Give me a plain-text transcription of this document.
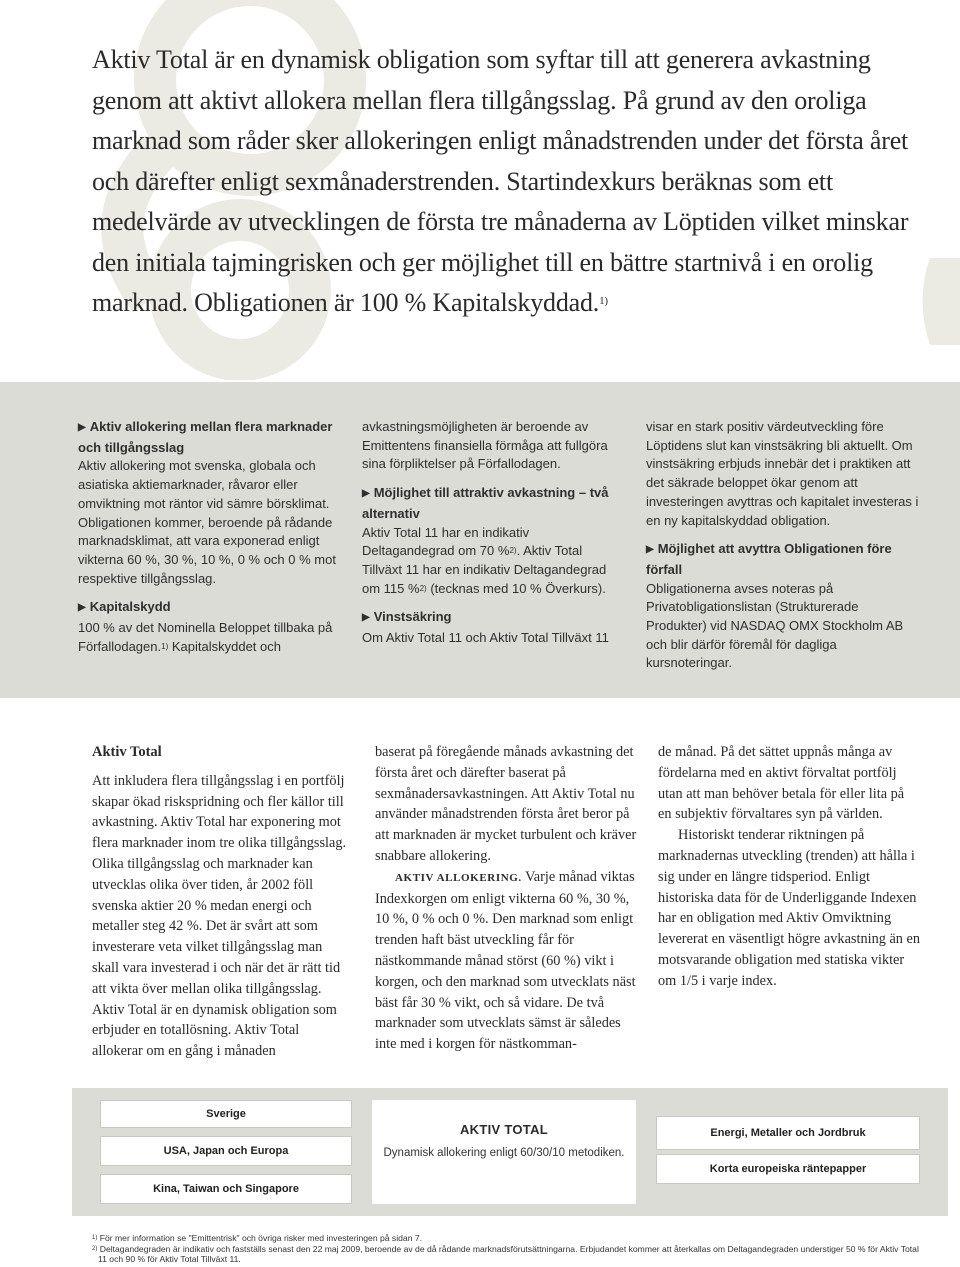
Aktiv Total är en dynamisk obligation som syftar till att generera avkastning genom att aktivt allokera mellan flera tillgångsslag. På grund av den oroliga marknad som råder sker allokeringen enligt månadstrenden under det första året och därefter enligt sexmånaderstrenden. Startindexkurs beräknas som ett medelvärde av utvecklingen de första tre månaderna av Löptiden vilket minskar den initiala tajmingrisken och ger möjlighet till en bättre startnivå i en orolig marknad. Obligationen är 100 % Kapitalskyddad.$^{1)}$

▶ Aktiv allokering mellan flera marknader och tillgångsslag

Aktiv allokering mot svenska, globala och asiatiska aktiemarknader, råvaror eller omviktning mot räntor vid sämre börsklimat. Obligationen kommer, beroende på rådande marknadsklimat, att vara exponerad enligt vikterna 60 %, 30 %, 10 %, 0 % och 0 % mot respektive tillgångsslag.

▶ Kapitalskydd

100 % av det Nominella Beloppet tillbaka på Förfallodagen.$^{1)}$ Kapitalskyddet och

avkastningsmöjligheten är beroende av Emittentens finansiella förmåga att fullgöra sina förpliktelser på Förfallodagen.

▶ Möjlighet till attraktiv avkastning – två alternativ

Aktiv Total 11 har en indikativ Deltagandegrad om 70 %$^{2)}$. Aktiv Total Tillväxt 11 har en indikativ Deltagandegrad om 115 %$^{2)}$ (tecknas med 10 % Överkurs).

▶ Vinstsäkring

Om Aktiv Total 11 och Aktiv Total Tillväxt 11

visar en stark positiv värdeutveckling före Löptidens slut kan vinstsäkring bli aktuellt. Om vinstsäkring erbjuds innebär det i praktiken att det säkrade beloppet ökar genom att investeringen avyttras och kapitalet investeras i en ny kapitalskyddad obligation.

▶ Möjlighet att avyttra Obligationen före förfall

Obligationerna avses noteras på Privatobligationslistan (Strukturerade Produkter) vid NASDAQ OMX Stockholm AB och blir därför föremål för dagliga kursnoteringar.

Aktiv Total

Att inkludera flera tillgångsslag i en portfölj skapar ökad riskspridning och fler källor till avkastning. Aktiv Total har exponering mot flera marknader inom tre olika tillgångsslag. Olika tillgångsslag och marknader kan utvecklas olika över tiden, år 2002 föll svenska aktier 20 % medan energi och metaller steg 42 %. Det är svårt att som investerare veta vilket tillgångsslag man skall vara investerad i och när det är rätt tid att vikta över mellan olika tillgångsslag. Aktiv Total är en dynamisk obligation som erbjuder en totallösning. Aktiv Total allokerar om en gång i månaden

baserat på föregående månads avkastning det första året och därefter baserat på sexmånadersavkastningen. Att Aktiv Total nu använder månadstrenden första året beror på att marknaden är mycket turbulent och kräver snabbare allokering.

AKTIV ALLOKERING. Varje månad viktas Indexkorgen om enligt vikterna 60 %, 30 %, 10 %, 0 % och 0 %. Den marknad som enligt trenden haft bäst utveckling får för nästkommande månad störst (60 %) vikt i korgen, och den marknad som utvecklats näst bäst får 30 % vikt, och så vidare. De två marknader som utvecklats sämst är således inte med i korgen för nästkomman-

de månad. På det sättet uppnås många av fördelarna med en aktivt förvaltat portfölj utan att man behöver betala för eller lita på en subjektiv förvaltares syn på världen.

Historiskt tenderar riktningen på marknadernas utveckling (trenden) att hålla i sig under en längre tidsperiod. Enligt historiska data för de Underliggande Indexen har en obligation med Aktiv Omviktning levererat en väsentligt högre avkastning än en motsvarande obligation med statiska vikter om 1/5 i varje index.

Sverige
USA, Japan och Europa
Kina, Taiwan och Singapore

AKTIV TOTAL

Dynamisk allokering enligt 60/30/10 metodiken.

Energi, Metaller och Jordbruk
Korta europeiska räntepapper

$^{1)}$ För mer information se "Emittentrisk" och övriga risker med investeringen på sidan 7.

$^{2)}$ Deltagandegraden är indikativ och fastställs senast den 22 maj 2009, beroende av de då rådande marknadsförutsättningarna. Erbjudandet kommer att återkallas om Deltagandegraden understiger 50 % för Aktiv Total

11 och 90 % för Aktiv Total Tillväxt 11.
